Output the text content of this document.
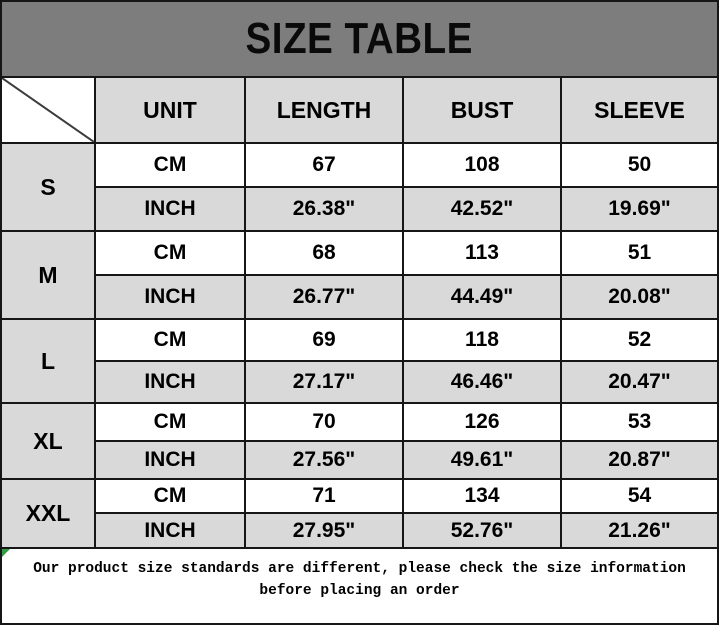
SIZE TABLE
	UNIT	LENGTH	BUST	SLEEVE
S	CM	67	108	50
	INCH	26.38"	42.52"	19.69"
M	CM	68	113	51
	INCH	26.77"	44.49"	20.08"
L	CM	69	118	52
	INCH	27.17"	46.46"	20.47"
XL	CM	70	126	53
	INCH	27.56"	49.61"	20.87"
XXL	CM	71	134	54
	INCH	27.95"	52.76"	21.26"
Our product size standards are different, please check the size information
before placing an order
